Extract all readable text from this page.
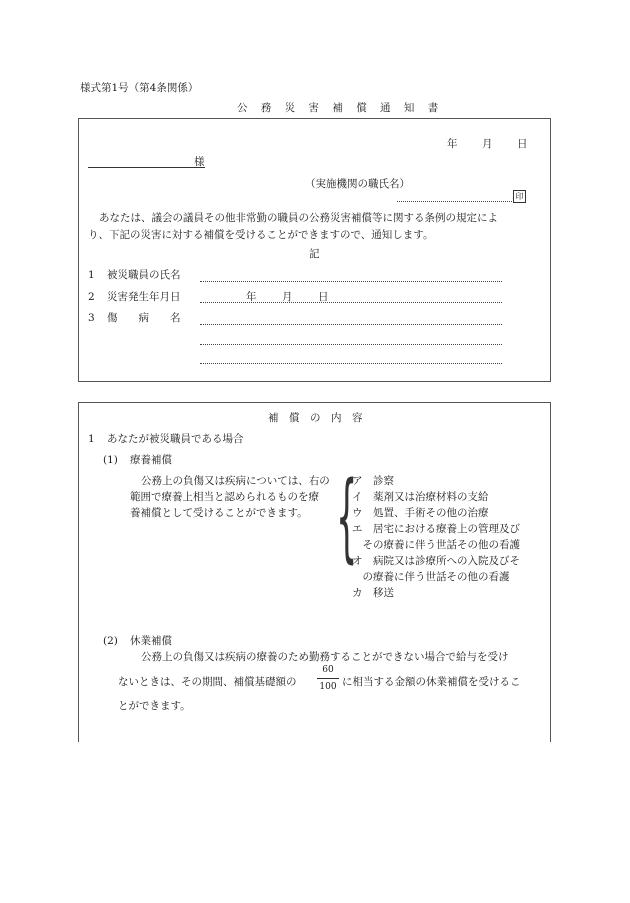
様式第1号（第4条関係）
公 務 災 害 補 償 通 知 書
年 月 日
様
（実施機関の職氏名）
印
あなたは、議会の議員その他非常勤の職員の公務災害補償等に関する条例の規定によ
り、下記の災害に対する補償を受けることができますので、通知します。
記
1 被災職員の氏名
2 災害発生年月日	年 月 日
3 傷　　病　　名
補　償　の　内　容
1 あなたが被災職員である場合
(1) 療養補償
公務上の負傷又は疾病については、右の
範囲で療養上相当と認められるものを療
養補償として受けることができます。 {
ア　診察
イ　薬剤又は治療材料の支給
ウ　処置、手術その他の治療
エ　居宅における療養上の管理及び
　その療養に伴う世話その他の看護
オ　病院又は診療所への入院及びそ
　の療養に伴う世話その他の看護
カ　移送
(2) 休業補償
公務上の負傷又は疾病の療養のため勤務することができない場合で給与を受け
ないときは、その期間、補償基礎額の
60
100 に相当する金額の休業補償を受けるこ
とができます。
